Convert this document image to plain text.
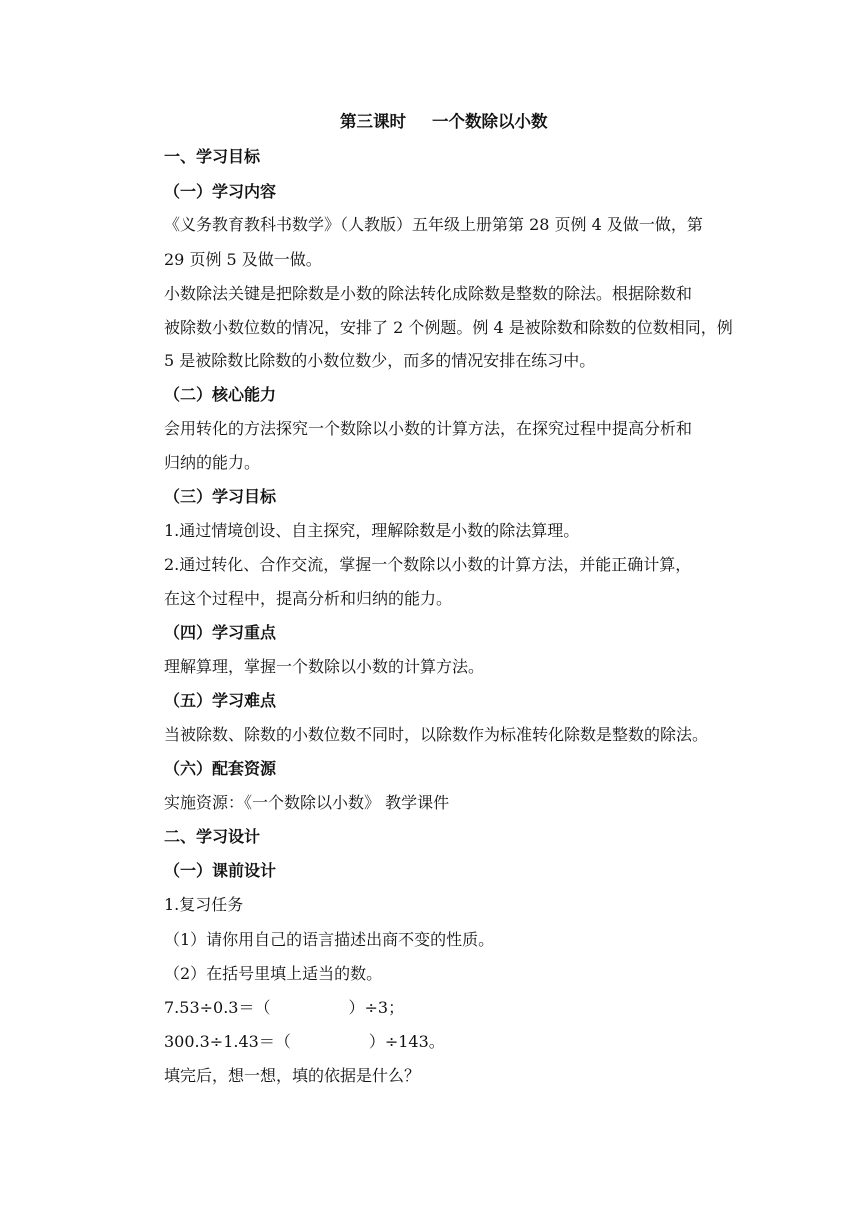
第三课时 一个数除以小数
一、学习目标
（一）学习内容
《义务教育教科书数学》（人教版）五年级上册第第 28 页例 4 及做一做，第
29 页例 5 及做一做。
小数除法关键是把除数是小数的除法转化成除数是整数的除法。根据除数和
被除数小数位数的情况，安排了 2 个例题。例 4 是被除数和除数的位数相同，例
5 是被除数比除数的小数位数少，而多的情况安排在练习中。
（二）核心能力
会用转化的方法探究一个数除以小数的计算方法，在探究过程中提高分析和
归纳的能力。
（三）学习目标
1.通过情境创设、自主探究，理解除数是小数的除法算理。
2.通过转化、合作交流，掌握一个数除以小数的计算方法，并能正确计算，
在这个过程中，提高分析和归纳的能力。
（四）学习重点
理解算理，掌握一个数除以小数的计算方法。
（五）学习难点
当被除数、除数的小数位数不同时，以除数作为标准转化除数是整数的除法。
（六）配套资源
实施资源：《一个数除以小数》 教学课件
二、学习设计
（一）课前设计
1.复习任务
（1）请你用自己的语言描述出商不变的性质。
（2）在括号里填上适当的数。
7.53÷0.3＝（	）÷3；
300.3÷1.43＝（	）÷143。
填完后，想一想，填的依据是什么？
